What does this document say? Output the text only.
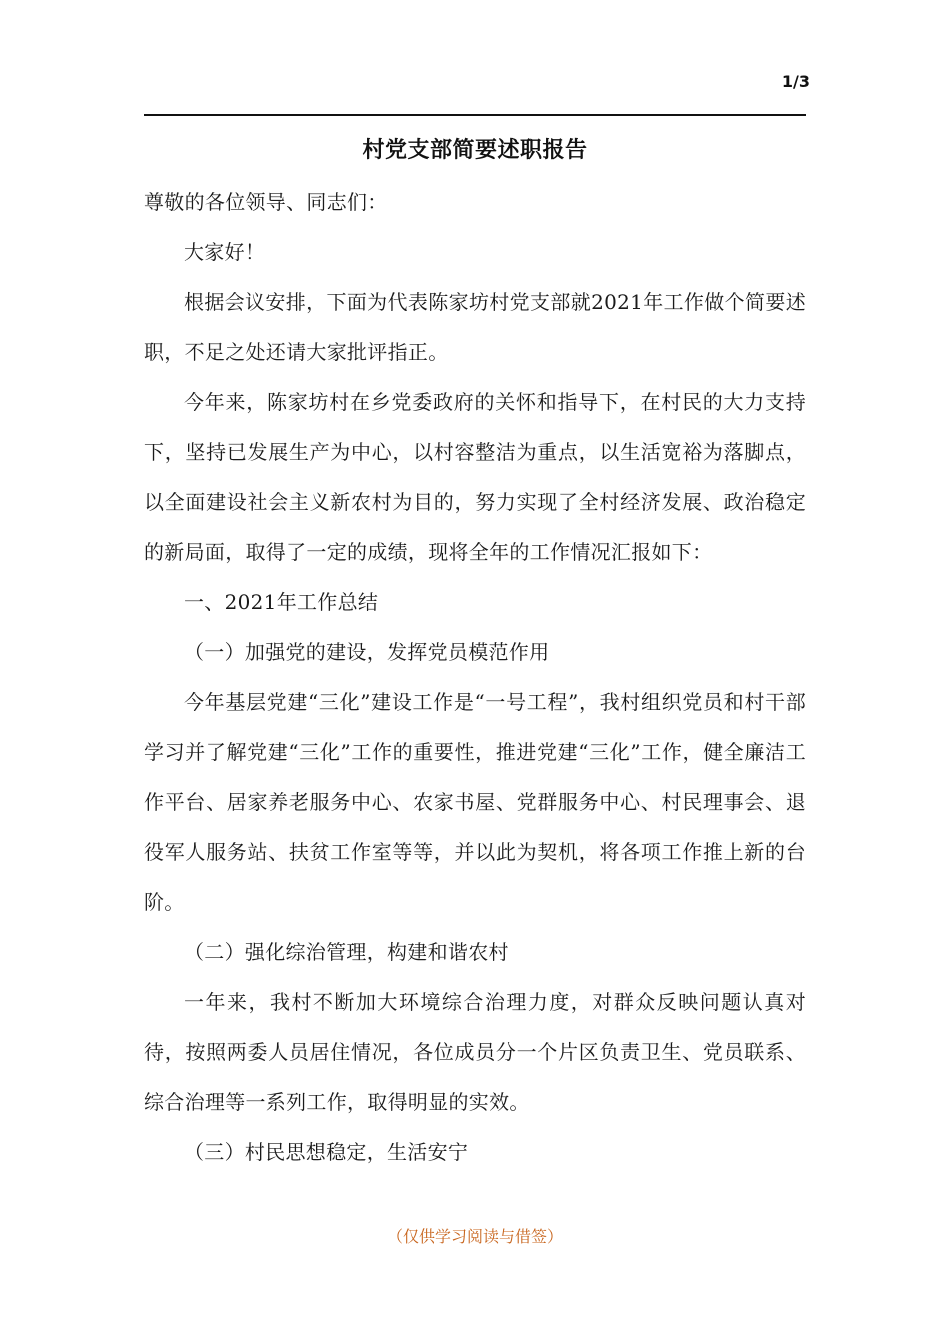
1/3
村党支部简要述职报告

尊敬的各位领导、同志们：

大家好！

根据会议安排，下面为代表陈家坊村党支部就2021年工作做个简要述职，不足之处还请大家批评指正。

今年来，陈家坊村在乡党委政府的关怀和指导下，在村民的大力支持下，坚持已发展生产为中心，以村容整洁为重点，以生活宽裕为落脚点，以全面建设社会主义新农村为目的，努力实现了全村经济发展、政治稳定的新局面，取得了一定的成绩，现将全年的工作情况汇报如下：

一、2021年工作总结

（一）加强党的建设，发挥党员模范作用

今年基层党建“三化”建设工作是“一号工程”，我村组织党员和村干部学习并了解党建“三化”工作的重要性，推进党建“三化”工作，健全廉洁工作平台、居家养老服务中心、农家书屋、党群服务中心、村民理事会、退役军人服务站、扶贫工作室等等，并以此为契机，将各项工作推上新的台阶。

（二）强化综治管理，构建和谐农村

一年来，我村不断加大环境综合治理力度，对群众反映问题认真对待，按照两委人员居住情况，各位成员分一个片区负责卫生、党员联系、综合治理等一系列工作，取得明显的实效。

（三）村民思想稳定，生活安宁

（仅供学习阅读与借签）
